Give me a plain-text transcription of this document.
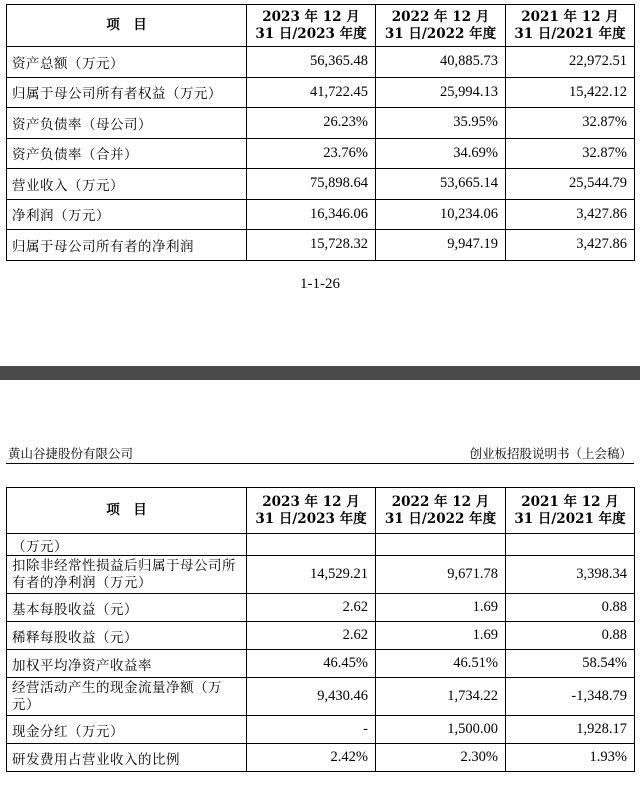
项　目	2023 年 12 月 31 日/2023 年度	2022 年 12 月 31 日/2022 年度	2021 年 12 月 31 日/2021 年度
资产总额（万元）	56,365.48	40,885.73	22,972.51
归属于母公司所有者权益（万元）	41,722.45	25,994.13	15,422.12
资产负债率（母公司）	26.23%	35.95%	32.87%
资产负债率（合并）	23.76%	34.69%	32.87%
营业收入（万元）	75,898.64	53,665.14	25,544.79
净利润（万元）	16,346.06	10,234.06	3,427.86
归属于母公司所有者的净利润	15,728.32	9,947.19	3,427.86
1-1-26
黄山谷捷股份有限公司	创业板招股说明书（上会稿）
项　目	2023 年 12 月 31 日/2023 年度	2022 年 12 月 31 日/2022 年度	2021 年 12 月 31 日/2021 年度
（万元）			
扣除非经常性损益后归属于母公司所有者的净利润（万元）	14,529.21	9,671.78	3,398.34
基本每股收益（元）	2.62	1.69	0.88
稀释每股收益（元）	2.62	1.69	0.88
加权平均净资产收益率	46.45%	46.51%	58.54%
经营活动产生的现金流量净额（万元）	9,430.46	1,734.22	-1,348.79
现金分红（万元）	-	1,500.00	1,928.17
研发费用占营业收入的比例	2.42%	2.30%	1.93%
